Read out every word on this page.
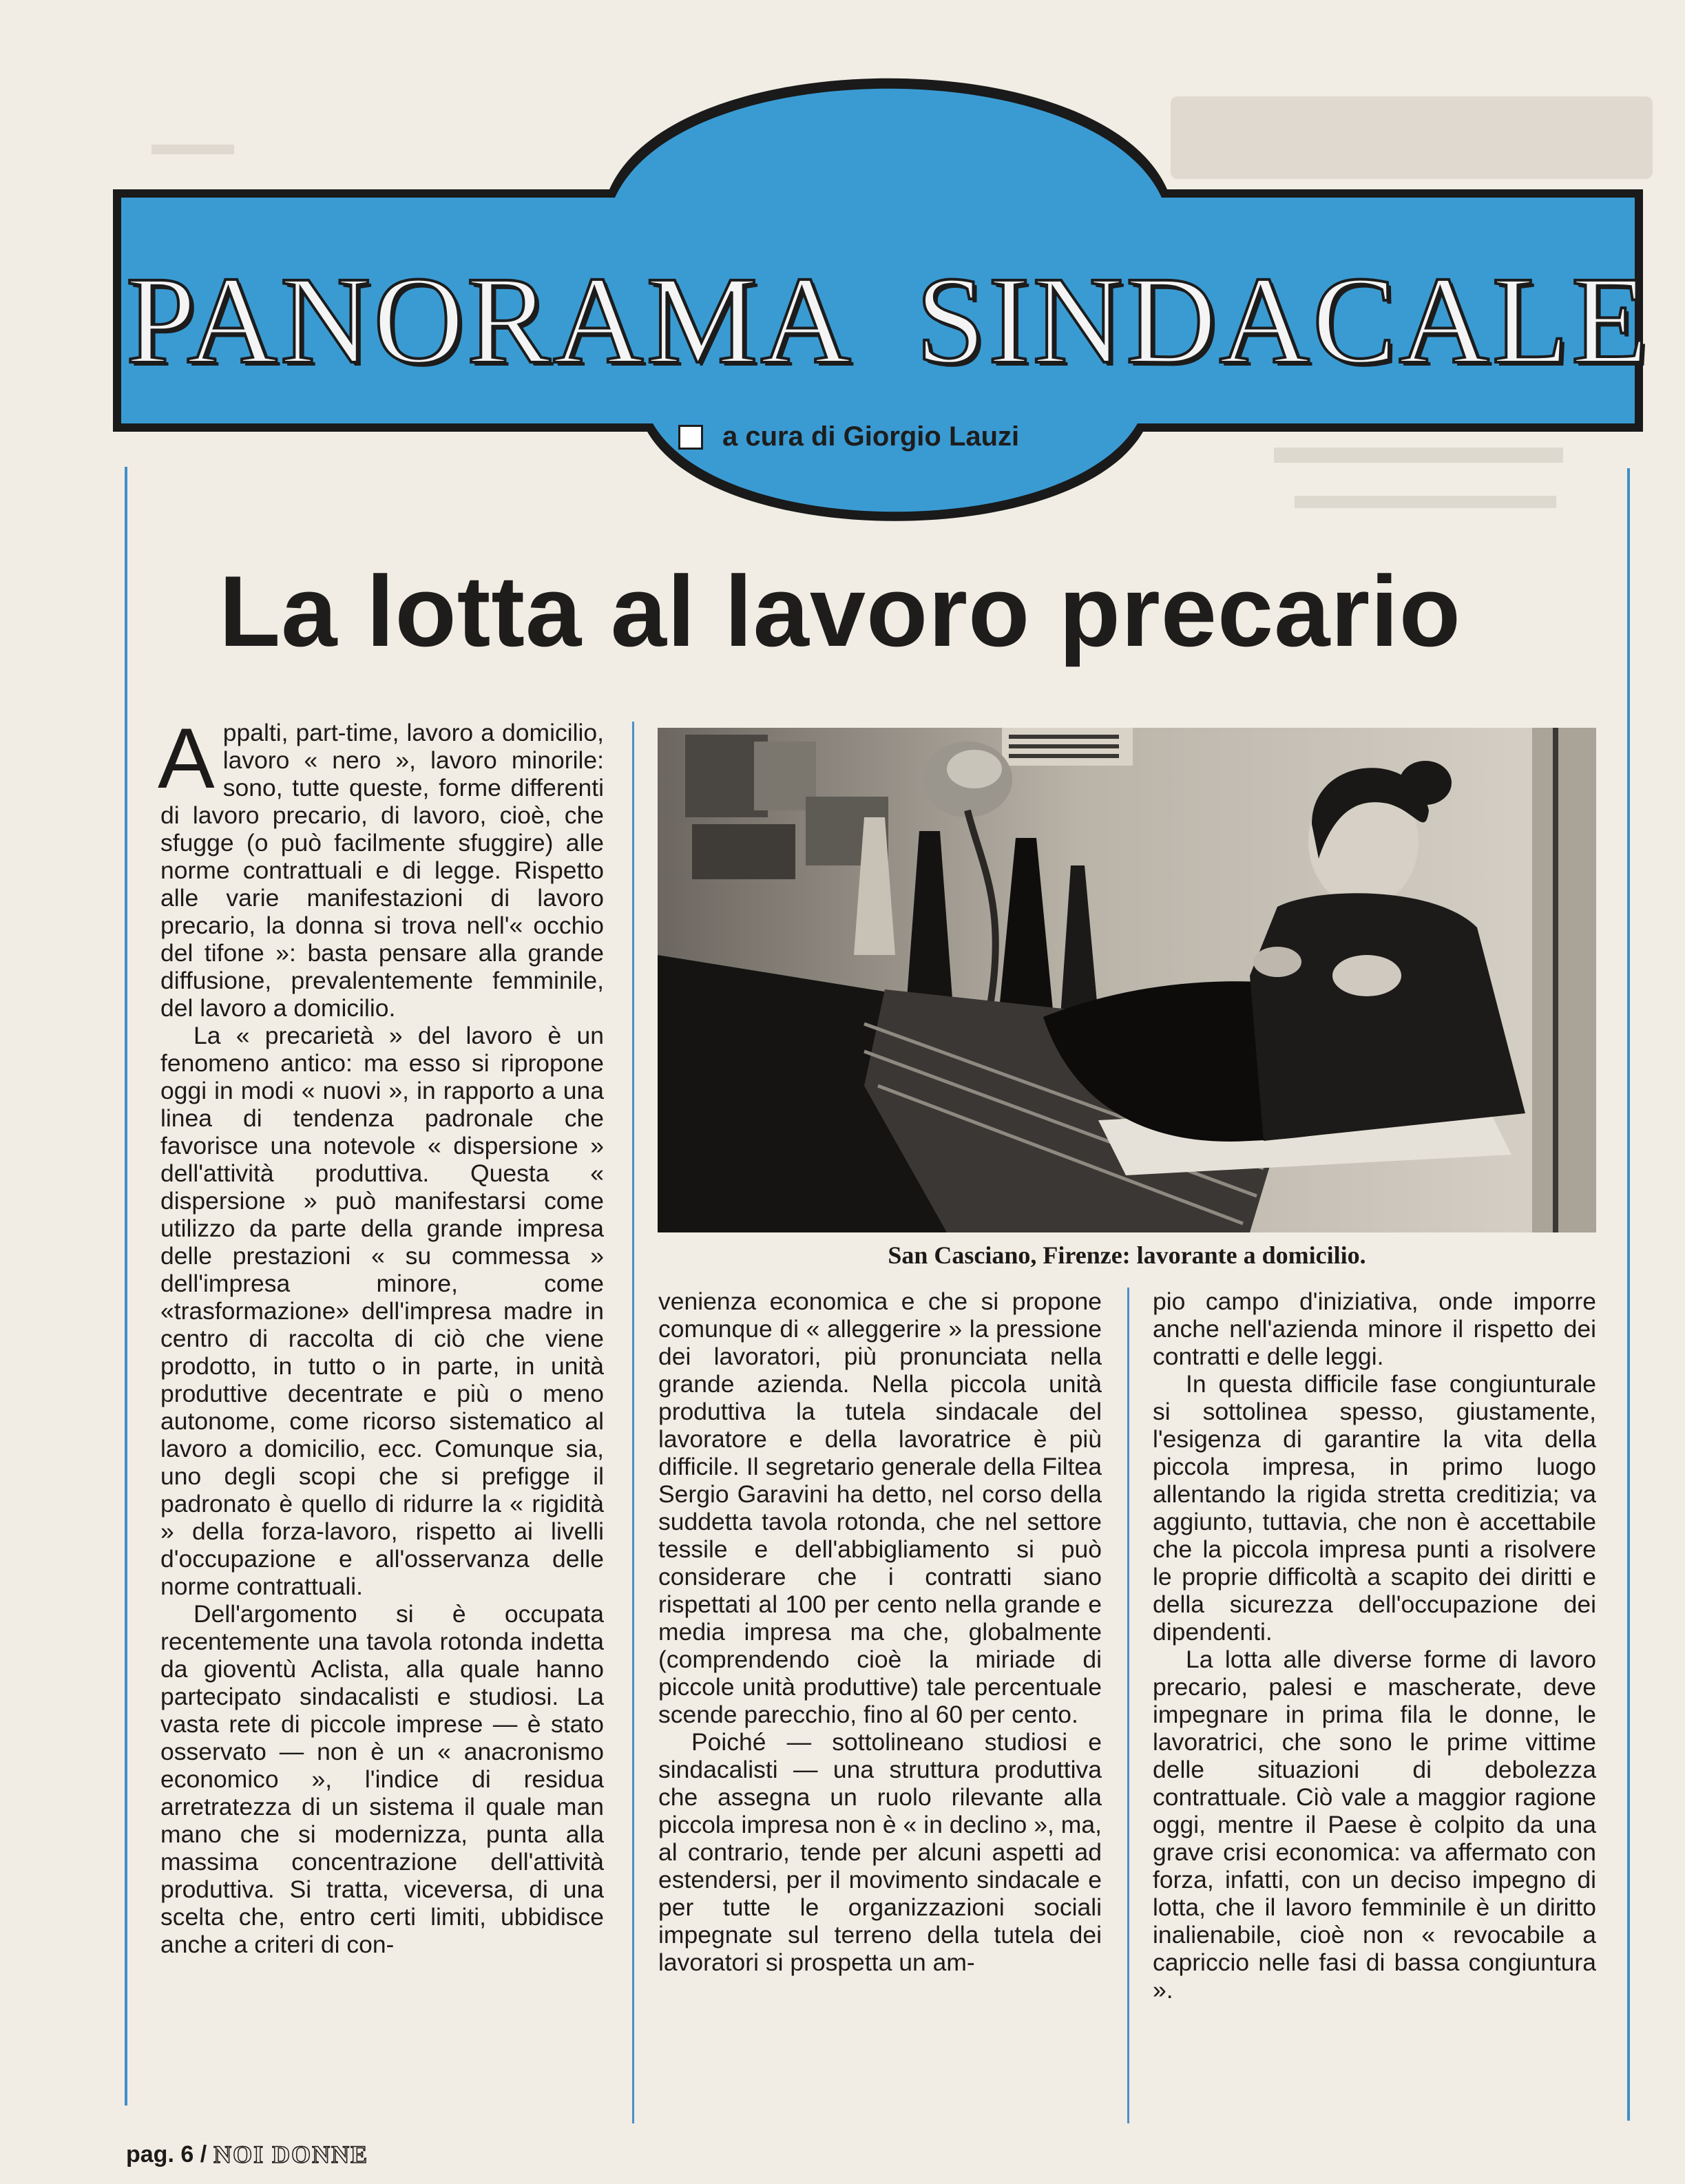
PANORAMA SINDACALE
a cura di Giorgio Lauzi
La lotta al lavoro precario

Appalti, part-time, lavoro a domicilio, lavoro « nero », lavoro minorile: sono, tutte queste, forme differenti di lavoro precario, di lavoro, cioè, che sfugge (o può facilmente sfuggire) alle norme contrattuali e di legge. Rispetto alle varie manifestazioni di lavoro precario, la donna si trova nell'« occhio del tifone »: basta pensare alla grande diffusione, prevalentemente femminile, del lavoro a domicilio.

La « precarietà » del lavoro è un fenomeno antico: ma esso si ripropone oggi in modi « nuovi », in rapporto a una linea di tendenza padronale che favorisce una notevole « dispersione » dell'attività produttiva. Questa « dispersione » può manifestarsi come utilizzo da parte della grande impresa delle prestazioni « su commessa » dell'impresa minore, come «trasformazione» dell'impresa madre in centro di raccolta di ciò che viene prodotto, in tutto o in parte, in unità produttive decentrate e più o meno autonome, come ricorso sistematico al lavoro a domicilio, ecc. Comunque sia, uno degli scopi che si prefigge il padronato è quello di ridurre la « rigidità » della forza-lavoro, rispetto ai livelli d'occupazione e all'osservanza delle norme contrattuali.

Dell'argomento si è occupata recentemente una tavola rotonda indetta da gioventù Aclista, alla quale hanno partecipato sindacalisti e studiosi. La vasta rete di piccole imprese — è stato osservato — non è un « anacronismo economico », l'indice di residua arretratezza di un sistema il quale man mano che si modernizza, punta alla massima concentrazione dell'attività produttiva. Si tratta, viceversa, di una scelta che, entro certi limiti, ubbidisce anche a criteri di con-

San Casciano, Firenze: lavorante a domicilio.

venienza economica e che si propone comunque di « alleggerire » la pressione dei lavoratori, più pronunciata nella grande azienda. Nella piccola unità produttiva la tutela sindacale del lavoratore e della lavoratrice è più difficile. Il segretario generale della Filtea Sergio Garavini ha detto, nel corso della suddetta tavola rotonda, che nel settore tessile e dell'abbigliamento si può considerare che i contratti siano rispettati al 100 per cento nella grande e media impresa ma che, globalmente (comprendendo cioè la miriade di piccole unità produttive) tale percentuale scende parecchio, fino al 60 per cento.

Poiché — sottolineano studiosi e sindacalisti — una struttura produttiva che assegna un ruolo rilevante alla piccola impresa non è « in declino », ma, al contrario, tende per alcuni aspetti ad estendersi, per il movimento sindacale e per tutte le organizzazioni sociali impegnate sul terreno della tutela dei lavoratori si prospetta un am-

pio campo d'iniziativa, onde imporre anche nell'azienda minore il rispetto dei contratti e delle leggi.

In questa difficile fase congiunturale si sottolinea spesso, giustamente, l'esigenza di garantire la vita della piccola impresa, in primo luogo allentando la rigida stretta creditizia; va aggiunto, tuttavia, che non è accettabile che la piccola impresa punti a risolvere le proprie difficoltà a scapito dei diritti e della sicurezza dell'occupazione dei dipendenti.

La lotta alle diverse forme di lavoro precario, palesi e mascherate, deve impegnare in prima fila le donne, le lavoratrici, che sono le prime vittime delle situazioni di debolezza contrattuale. Ciò vale a maggior ragione oggi, mentre il Paese è colpito da una grave crisi economica: va affermato con forza, infatti, con un deciso impegno di lotta, che il lavoro femminile è un diritto inalienabile, cioè non « revocabile a capriccio nelle fasi di bassa congiuntura ».

pag. 6 / NOI DONNE
